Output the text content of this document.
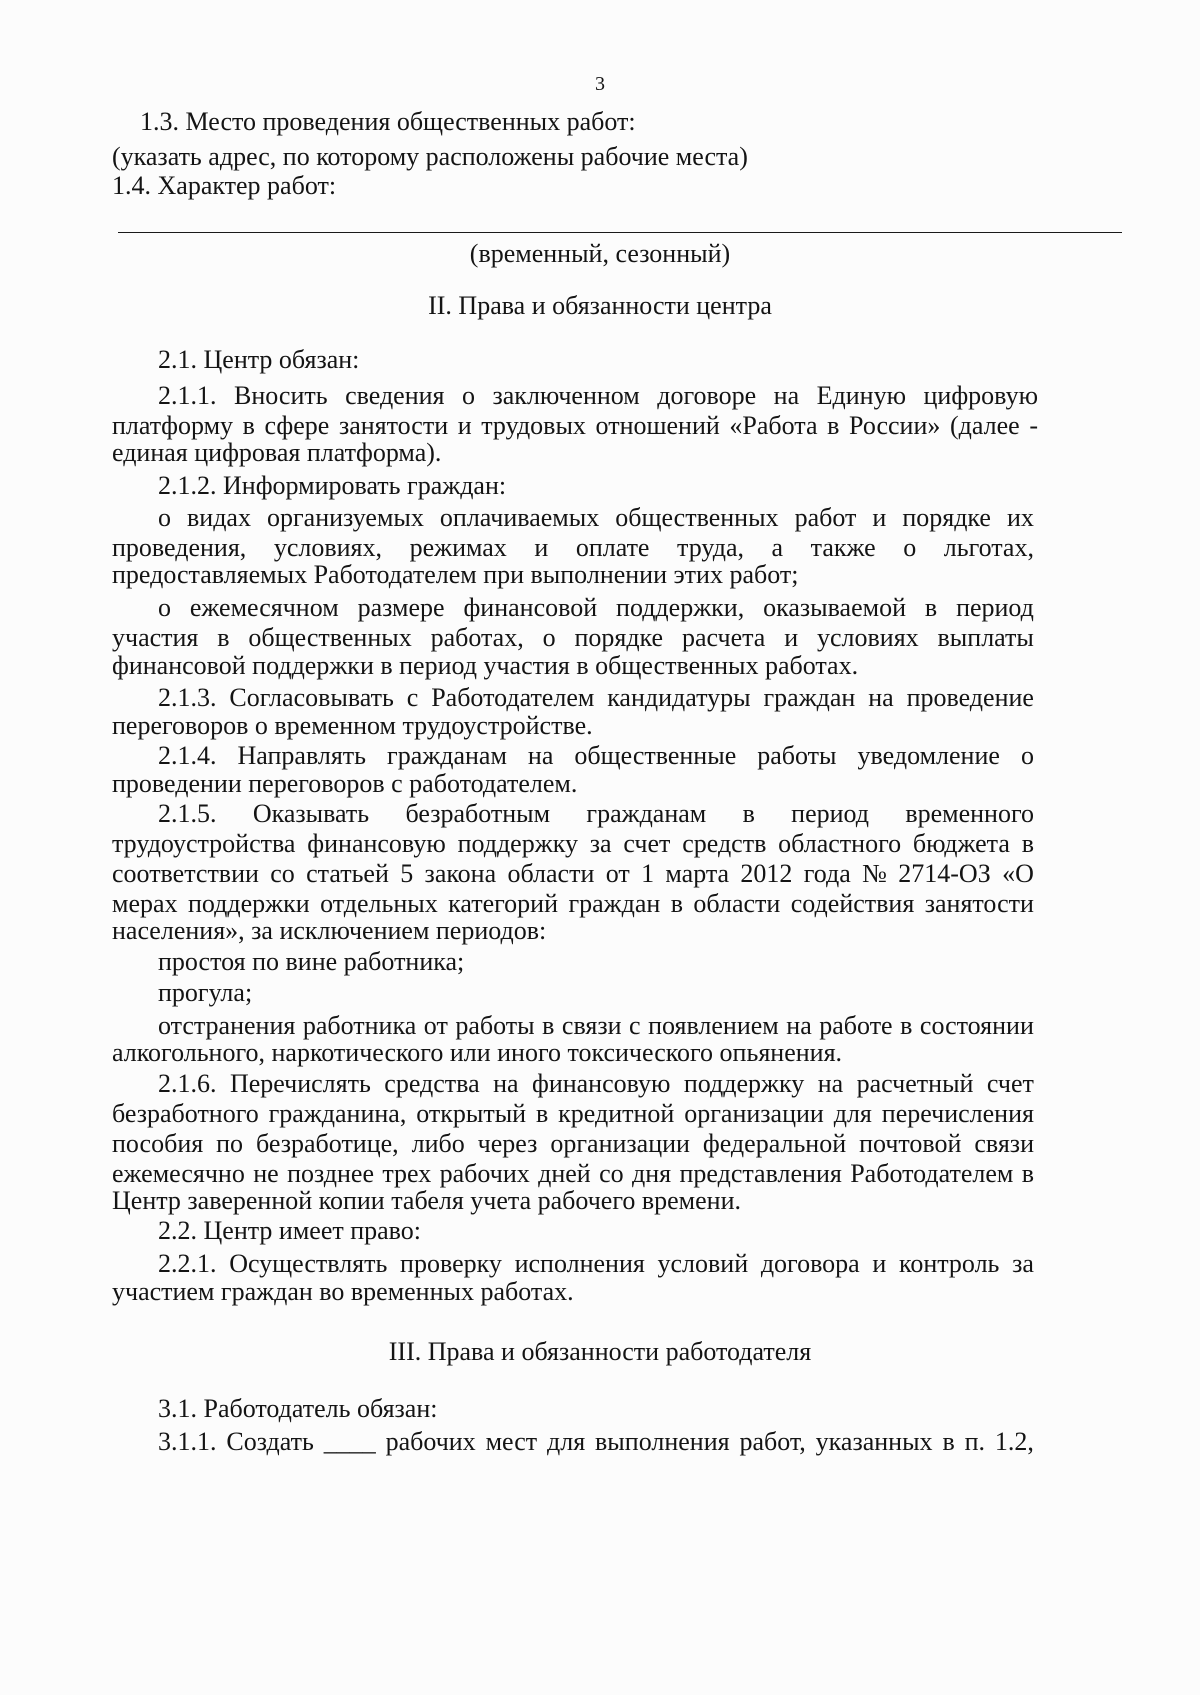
3
1.3. Место проведения общественных работ:
(указать адрес, по которому расположены рабочие места)
1.4. Характер работ:
(временный, сезонный)
II. Права и обязанности центра
2.1. Центр обязан:
2.1.1. Вносить сведения о заключенном договоре на Единую цифровую
платформу в сфере занятости и трудовых отношений «Работа в России» (далее -
единая цифровая платформа).
2.1.2. Информировать граждан:
о видах организуемых оплачиваемых общественных работ и порядке их
проведения, условиях, режимах и оплате труда, а также о льготах,
предоставляемых Работодателем при выполнении этих работ;
о ежемесячном размере финансовой поддержки, оказываемой в период
участия в общественных работах, о порядке расчета и условиях выплаты
финансовой поддержки в период участия в общественных работах.
2.1.3. Согласовывать с Работодателем кандидатуры граждан на проведение
переговоров о временном трудоустройстве.
2.1.4. Направлять гражданам на общественные работы уведомление о
проведении переговоров с работодателем.
2.1.5. Оказывать безработным гражданам в период временного
трудоустройства финансовую поддержку за счет средств областного бюджета в
соответствии со статьей 5 закона области от 1 марта 2012 года № 2714-ОЗ «О
мерах поддержки отдельных категорий граждан в области содействия занятости
населения», за исключением периодов:
простоя по вине работника;
прогула;
отстранения работника от работы в связи с появлением на работе в состоянии
алкогольного, наркотического или иного токсического опьянения.
2.1.6. Перечислять средства на финансовую поддержку на расчетный счет
безработного гражданина, открытый в кредитной организации для перечисления
пособия по безработице, либо через организации федеральной почтовой связи
ежемесячно не позднее трех рабочих дней со дня представления Работодателем в
Центр заверенной копии табеля учета рабочего времени.
2.2. Центр имеет право:
2.2.1. Осуществлять проверку исполнения условий договора и контроль за
участием граждан во временных работах.
III. Права и обязанности работодателя
3.1. Работодатель обязан:
3.1.1. Создать ____ рабочих мест для выполнения работ, указанных в п. 1.2,
